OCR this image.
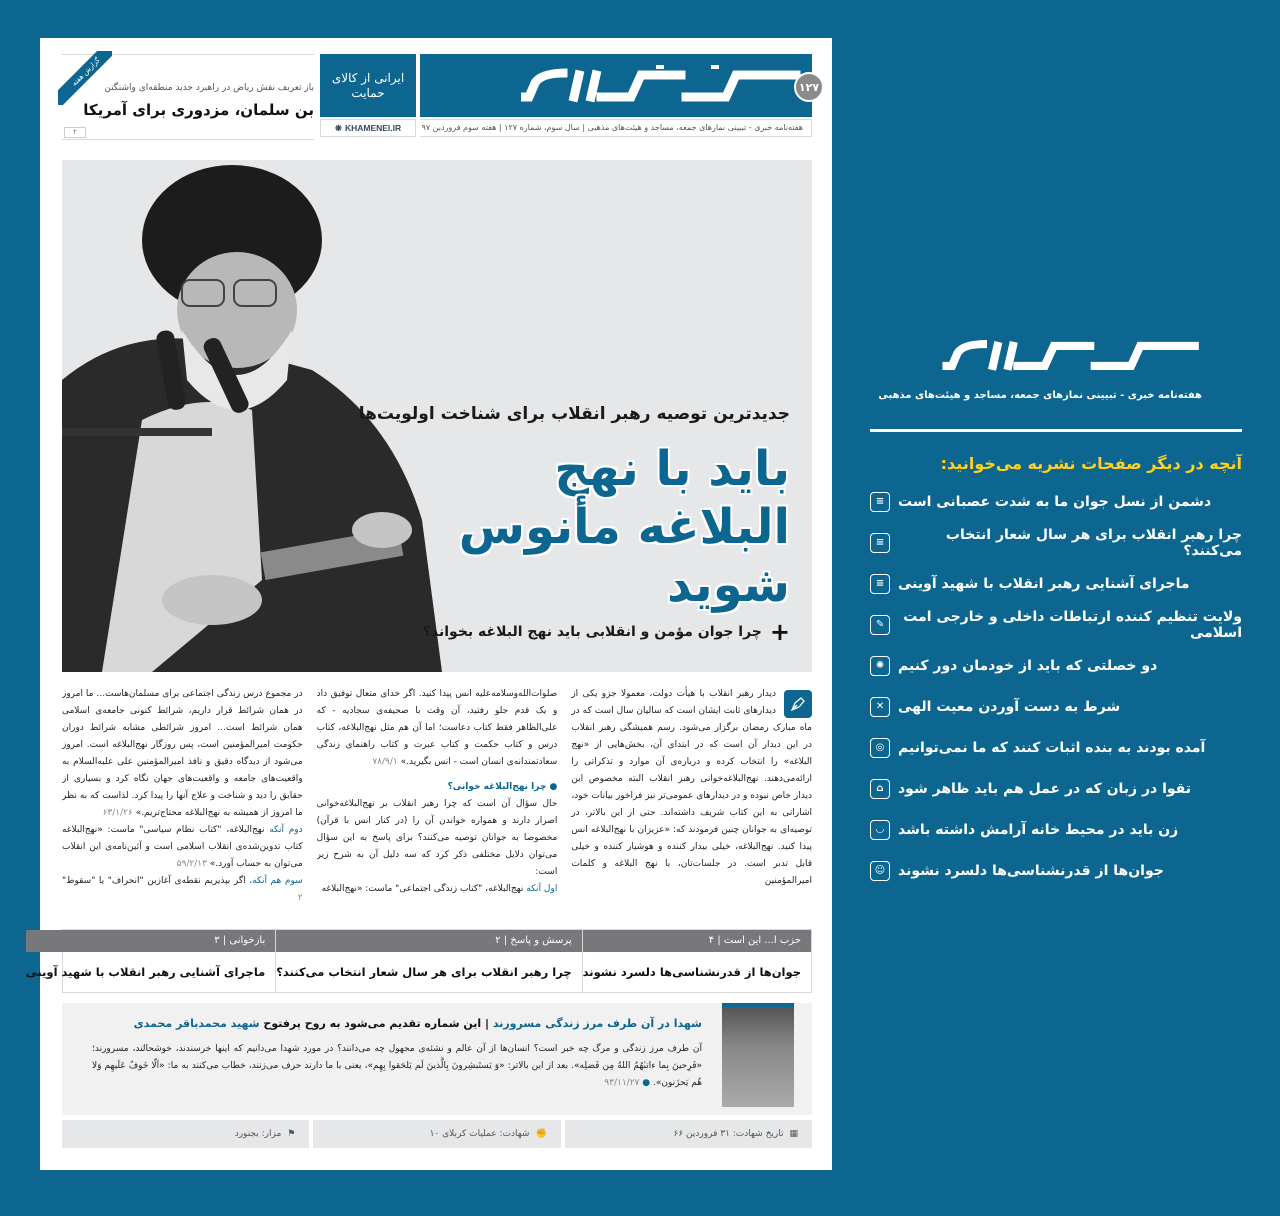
گزارش هفته
باز تعریف نقش ریاض در راهبرد جدید منطقه‌ای واشنگتن
بن سلمان، مزدوری برای آمریکا
۲
ایرانی از کالای حمایت	۱۲۷
❋ KHAMENEI.IR	هفته‌نامه خبری - تبیینی نمازهای جمعه، مساجد و هیئت‌های مذهبی | سال سوم، شماره ۱۲۷ | هفته سوم فروردین ۹۷
جدیدترین توصیه رهبر انقلاب برای شناخت اولویت‌ها
باید با نهج البلاغه مأنوس شوید
+
چرا جوان مؤمن و انقلابی باید نهج البلاغه بخواند؟
دیدار رهبر انقلاب با هیأت دولت، معمولا جزو یکی از دیدارهای ثابت ایشان است که سالیان سال است که در ماه مبارک رمضان برگزار می‌شود. رسم همیشگی رهبر انقلاب در این دیدار آن است که در ابتدای آن، بخش‌هایی از «نهج البلاغه» را انتخاب کرده و درباره‌ی آن موارد و تذکراتی را ارائه‌می‌دهند. نهج‌البلاغه‌خوانی رهبر انقلاب البته مخصوص این دیدار خاص نبوده و در دیدارهای عمومی‌تر نیز فراخور بیانات خود، اشاراتی به این کتاب شریف داشته‌اند. حتی از این بالاتر، در توصیه‌ای به جوانان چنین فرمودند که: «عزیزان با نهج‌البلاغه انس پیدا کنید. نهج‌البلاغه، خیلی بیدار کننده و هوشیار کننده و خیلی قابل تدبر است. در جلسات‌تان، با نهج البلاغه و کلمات امیرالمؤمنین
صلوات‌الله‌وسلامه‌علیه انس پیدا کنید. اگر خدای متعال توفیق داد و یک قدم جلو رفتید، آن وقت با صحیفه‌ی سجادیه - که علی‌الظاهر فقط کتاب دعاست؛ اما آن هم مثل نهج‌البلاغه، کتاب درس و کتاب حکمت و کتاب عبرت و کتاب راهنمای زندگی سعادتمندانه‌ی انسان است - انس بگیرید.» ۷۸/۹/۱
● چرا نهج‌البلاغه خوانی؟
حال سؤال آن است که چرا رهبر انقلاب بر نهج‌البلاغه‌خوانی اصرار دارند و همواره خواندن آن را (در کنار انس با قرآن) مخصوصا به جوانان توصیه می‌کنند؟ برای پاسخ به این سؤال می‌توان دلایل مختلفی ذکر کرد که سه دلیل آن به شرح زیر است:
اول آنکه نهج‌البلاغه، "کتاب زندگی اجتماعی" ماست: «نهج‌البلاغه
در مجموع درس زندگی اجتماعی برای مسلمان‌هاست... ما امروز در همان شرائط قرار داریم، شرائط کنونی جامعه‌ی اسلامی همان شرائط است... امروز شرائطی مشابه شرائط دوران حکومت امیرالمؤمنین است، پس روزگار نهج‌البلاغه است. امروز می‌شود از دیدگاه دقیق و نافذ امیرالمؤمنین علی علیه‌السلام به واقعیت‌های جامعه و واقعیت‌های جهان نگاه کرد و بسیاری از حقایق را دید و شناخت و علاج آنها را پیدا کرد. لذاست که به نظر ما امروز از همیشه به نهج‌البلاغه محتاج‌تریم.» ۶۳/۱/۲۶
دوم آنکه نهج‌البلاغه، "کتاب نظام سیاسی" ماست: «نهج‌البلاغه کتاب تدوین‌شده‌ی انقلاب اسلامی است و آئین‌نامه‌ی این انقلاب می‌توان به حساب آورد.» ۵۹/۲/۱۳
سوم هم آنکه، اگر بپذیریم نقطه‌ی آغازین "انحراف" یا "سقوط" ۲
حزب ا... این است | ۴
جوان‌ها از قدرنشناسی‌ها دلسرد نشوند
پرسش و پاسخ | ۲
چرا رهبر انقلاب برای هر سال شعار انتخاب می‌کنند؟
بازخوانی | ۳
ماجرای آشنایی رهبر انقلاب با شهید آوینی
شهدا در آن طرف مرز زندگی مسرورند | این شماره تقدیم می‌شود به روح پرفتوح شهید محمدباقر محمدی
آن طرف مرز زندگی و مرگ چه خبر است؟ انسان‌ها از آن عالم و نشئه‌ی مجهول چه می‌دانند؟ در مورد شهدا می‌دانیم که اینها خرسندند، خوشحالند، مسرورند؛ «فَرِحینَ بِما ءاتىٰهُمُ اللهُ مِن فَضلِه». بعد از این بالاتر: «وَ یَستَبشِرونَ بِالَّذینَ لَم یَلحَقوا بِهِم»، یعنی با ما دارند حرف می‌زنند، خطاب می‌کنند به ما: «اَلّا خَوفٌ عَلَیهِم وَلا هُم یَحزَنون». ● ۹۳/۱۱/۲۷
▦
تاریخ شهادت: ۳۱ فروردین ۶۶
✊
شهادت: عملیات کربلای ۱۰
⚑
مزار: بجنورد
هفته‌نامه خبری - تبیینی نمازهای جمعه، مساجد و هیئت‌های مذهبی
آنچه در دیگر صفحات نشریه می‌خوانید:
≡ دشمن از نسل جوان ما به شدت عصبانی است
≡	چرا رهبر انقلاب برای هر سال شعار انتخاب می‌کنند؟
≡ ماجرای آشنایی رهبر انقلاب با شهید آوینی
✎	ولایت تنظیم کننده ارتباطات داخلی و خارجی امت اسلامی
✺ دو خصلتی که باید از خودمان دور کنیم
✕ شرط به دست آوردن معیت الهی
◎ آمده بودند به بنده اثبات کنند که ما نمی‌توانیم
⌂	تقوا در زبان که در عمل هم باید ظاهر شود
◡	زن باید در محیط خانه آرامش داشته باشد
☺ جوان‌ها از قدرنشناسی‌ها دلسرد نشوند
